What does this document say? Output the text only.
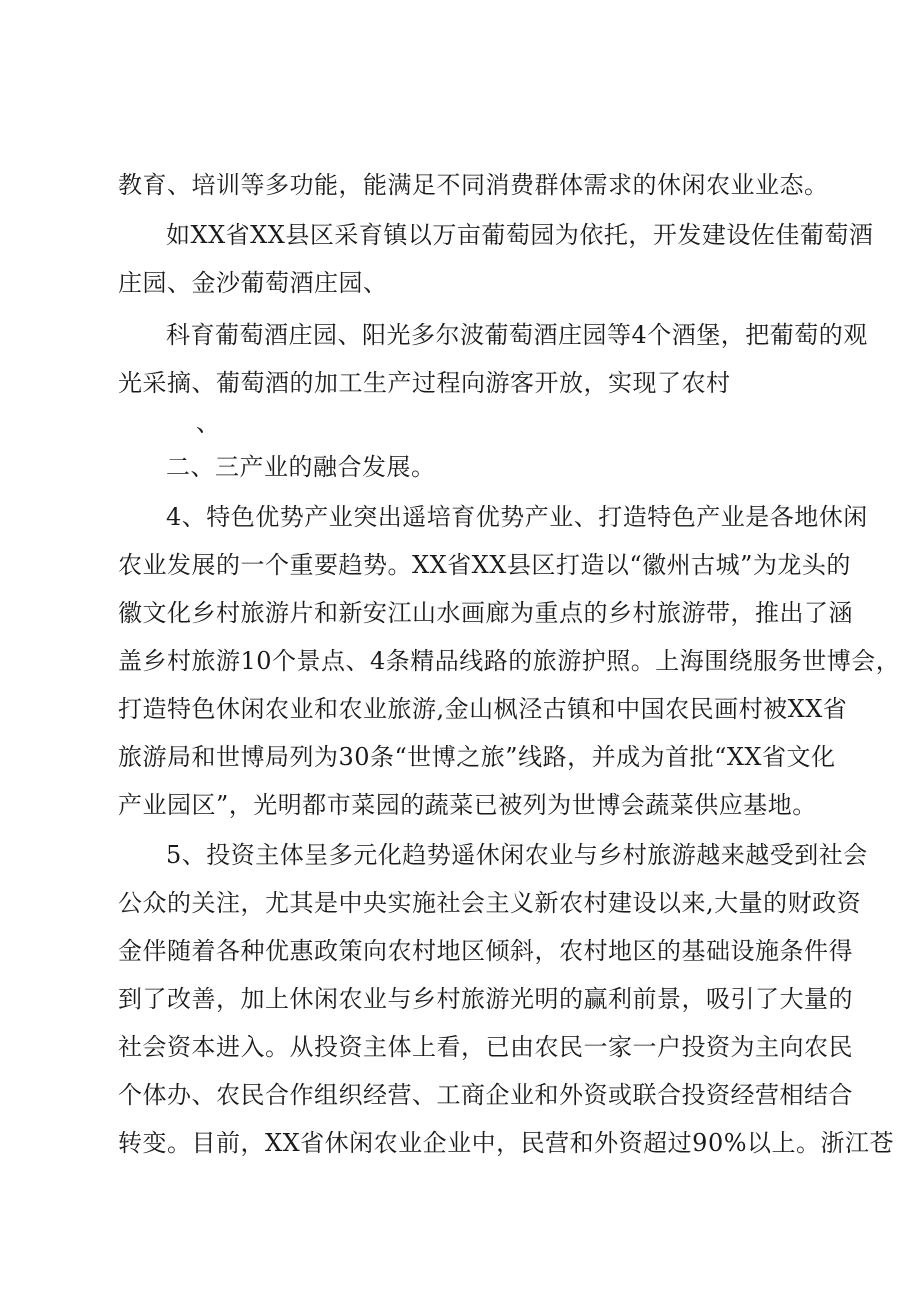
教育、培训等多功能，能满足不同消费群体需求的休闲农业业态。
如XX省XX县区采育镇以万亩葡萄园为依托，开发建设佐佳葡萄酒
庄园、金沙葡萄酒庄园、
科育葡萄酒庄园、阳光多尔波葡萄酒庄园等4个酒堡，把葡萄的观
光采摘、葡萄酒的加工生产过程向游客开放，实现了农村
、
二、三产业的融合发展。
4、特色优势产业突出遥培育优势产业、打造特色产业是各地休闲
农业发展的一个重要趋势。XX省XX县区打造以“徽州古城”为龙头的
徽文化乡村旅游片和新安江山水画廊为重点的乡村旅游带，推出了涵
盖乡村旅游10个景点、4条精品线路的旅游护照。上海围绕服务世博会，
打造特色休闲农业和农业旅游,金山枫泾古镇和中国农民画村被XX省
旅游局和世博局列为30条“世博之旅”线路，并成为首批“XX省文化
产业园区”，光明都市菜园的蔬菜已被列为世博会蔬菜供应基地。
5、投资主体呈多元化趋势遥休闲农业与乡村旅游越来越受到社会
公众的关注，尤其是中央实施社会主义新农村建设以来,大量的财政资
金伴随着各种优惠政策向农村地区倾斜，农村地区的基础设施条件得
到了改善，加上休闲农业与乡村旅游光明的赢利前景，吸引了大量的
社会资本进入。从投资主体上看，已由农民一家一户投资为主向农民
个体办、农民合作组织经营、工商企业和外资或联合投资经营相结合
转变。目前，XX省休闲农业企业中，民营和外资超过90%以上。浙江苍
